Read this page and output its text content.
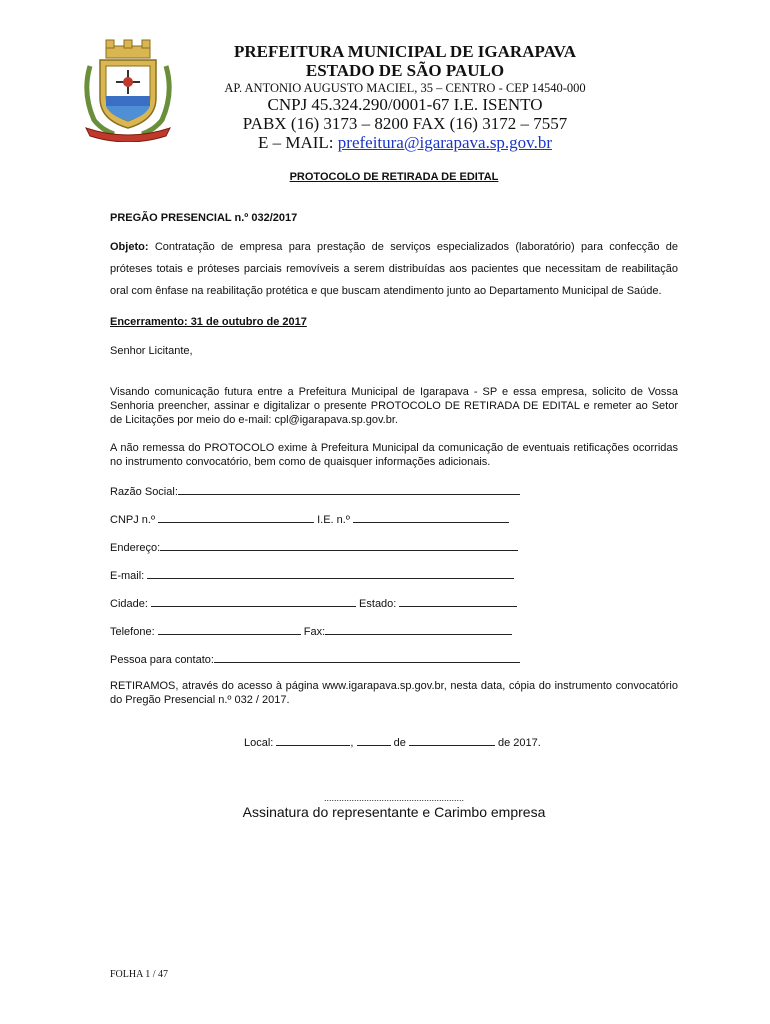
PREFEITURA MUNICIPAL DE IGARAPAVA
ESTADO DE SÃO PAULO
AP. ANTONIO AUGUSTO MACIEL, 35 – CENTRO - CEP 14540-000
CNPJ 45.324.290/0001-67 I.E. ISENTO
PABX (16) 3173 – 8200 FAX (16) 3172 – 7557
E – MAIL: prefeitura@igarapava.sp.gov.br
PROTOCOLO DE RETIRADA DE EDITAL
PREGÃO PRESENCIAL n.º 032/2017
Objeto: Contratação de empresa para prestação de serviços especializados (laboratório) para confecção de próteses totais e próteses parciais removíveis a serem distribuídas aos pacientes que necessitam de reabilitação oral com ênfase na reabilitação protética e que buscam atendimento junto ao Departamento Municipal de Saúde.
Encerramento: 31 de outubro de 2017
Senhor Licitante,
Visando comunicação futura entre a Prefeitura Municipal de Igarapava - SP e essa empresa, solicito de Vossa Senhoria preencher, assinar e digitalizar o presente PROTOCOLO DE RETIRADA DE EDITAL e remeter ao Setor de Licitações por meio do e-mail: cpl@igarapava.sp.gov.br.
A não remessa do PROTOCOLO exime à Prefeitura Municipal da comunicação de eventuais retificações ocorridas no instrumento convocatório, bem como de quaisquer informações adicionais.
Razão Social:
CNPJ n.º	I.E. n.º
Endereço:
E-mail:
Cidade:	Estado:
Telefone:	Fax:
Pessoa para contato:
RETIRAMOS, através do acesso à página www.igarapava.sp.gov.br, nesta data, cópia do instrumento convocatório do Pregão Presencial n.º 032 / 2017.
Local:	,	de	de 2017.
........................................................
Assinatura do representante e Carimbo empresa
FOLHA 1 / 47
